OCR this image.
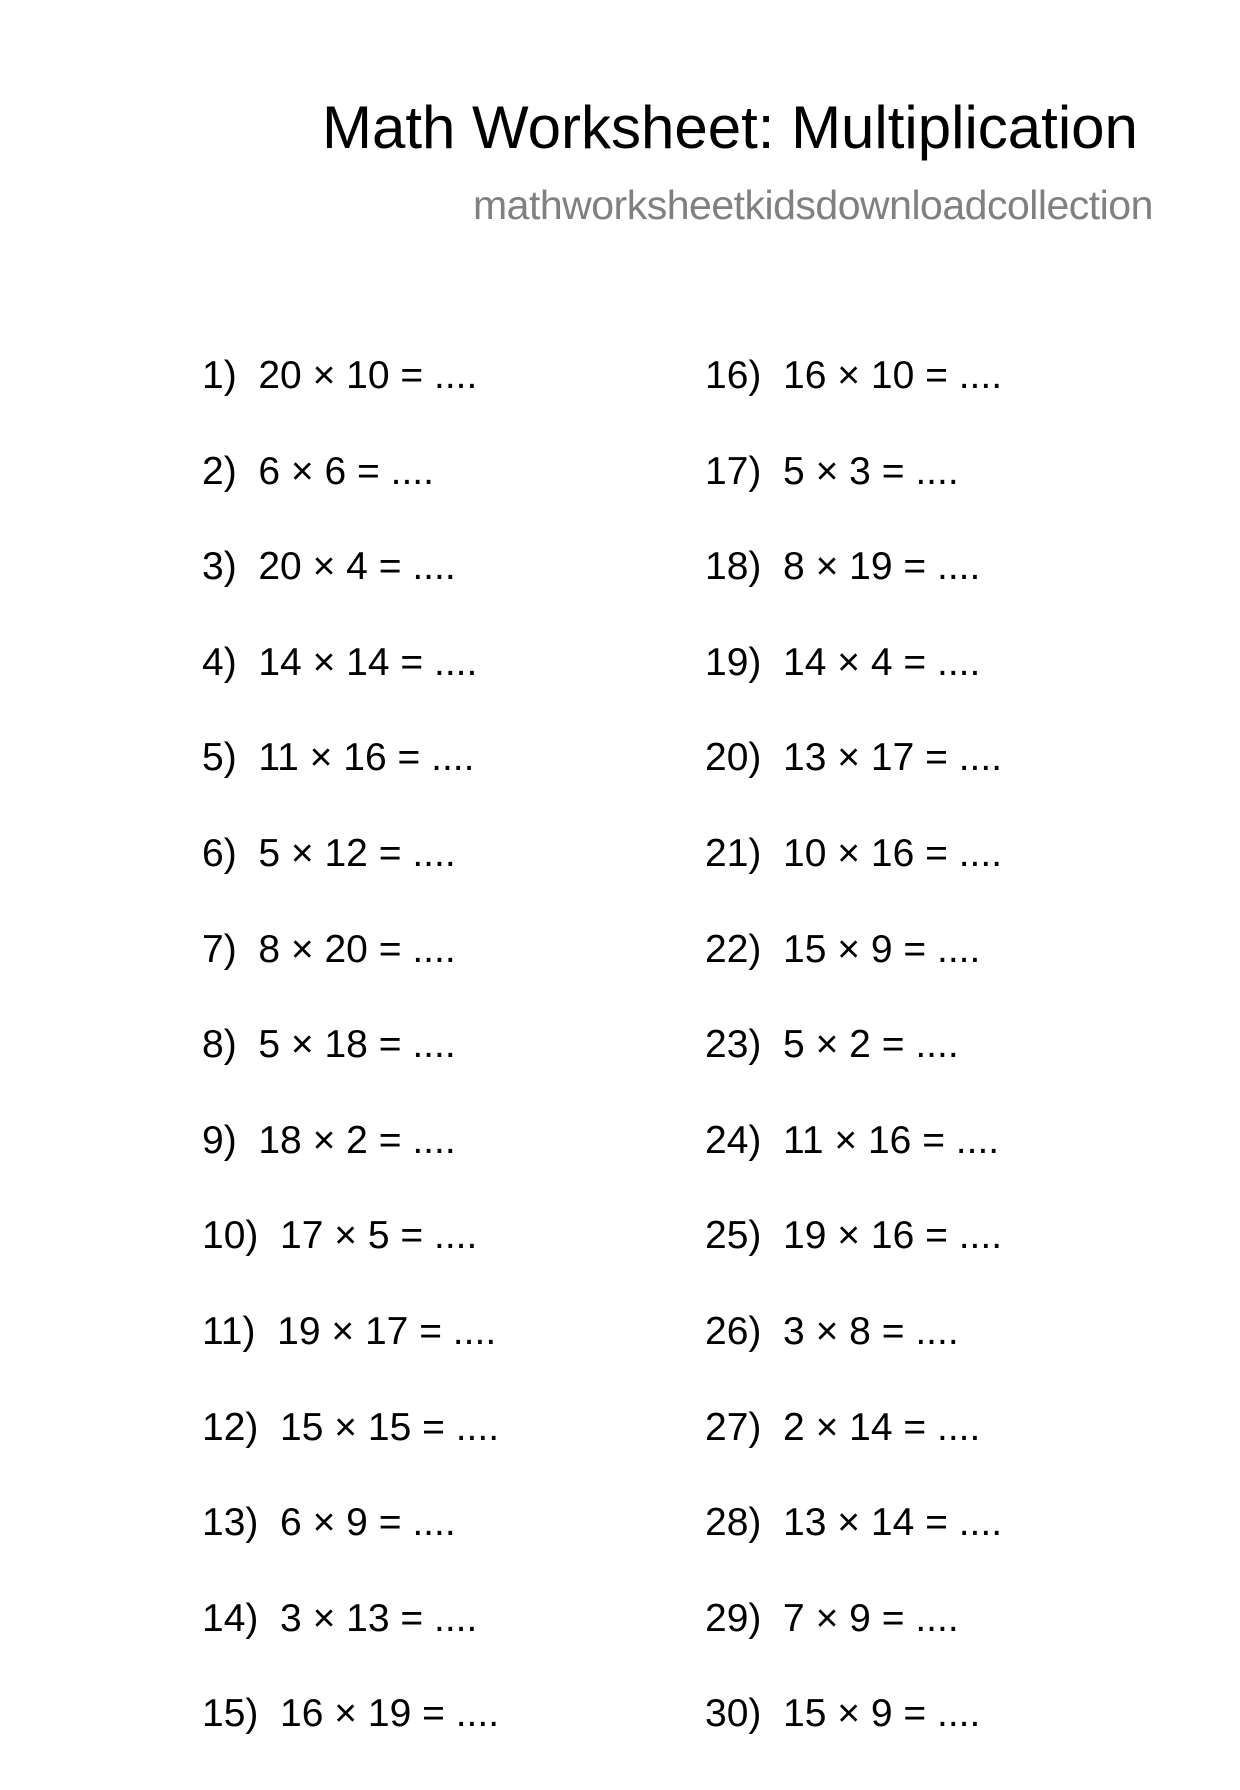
Math Worksheet: Multiplication
mathworksheetkidsdownloadcollection
1) 20 × 10 = ....
2) 6 × 6 = ....
3) 20 × 4 = ....
4) 14 × 14 = ....
5) 11 × 16 = ....
6) 5 × 12 = ....
7) 8 × 20 = ....
8) 5 × 18 = ....
9) 18 × 2 = ....
10) 17 × 5 = ....
11) 19 × 17 = ....
12) 15 × 15 = ....
13) 6 × 9 = ....
14) 3 × 13 = ....
15) 16 × 19 = ....
16) 16 × 10 = ....
17) 5 × 3 = ....
18) 8 × 19 = ....
19) 14 × 4 = ....
20) 13 × 17 = ....
21) 10 × 16 = ....
22) 15 × 9 = ....
23) 5 × 2 = ....
24) 11 × 16 = ....
25) 19 × 16 = ....
26) 3 × 8 = ....
27) 2 × 14 = ....
28) 13 × 14 = ....
29) 7 × 9 = ....
30) 15 × 9 = ....
